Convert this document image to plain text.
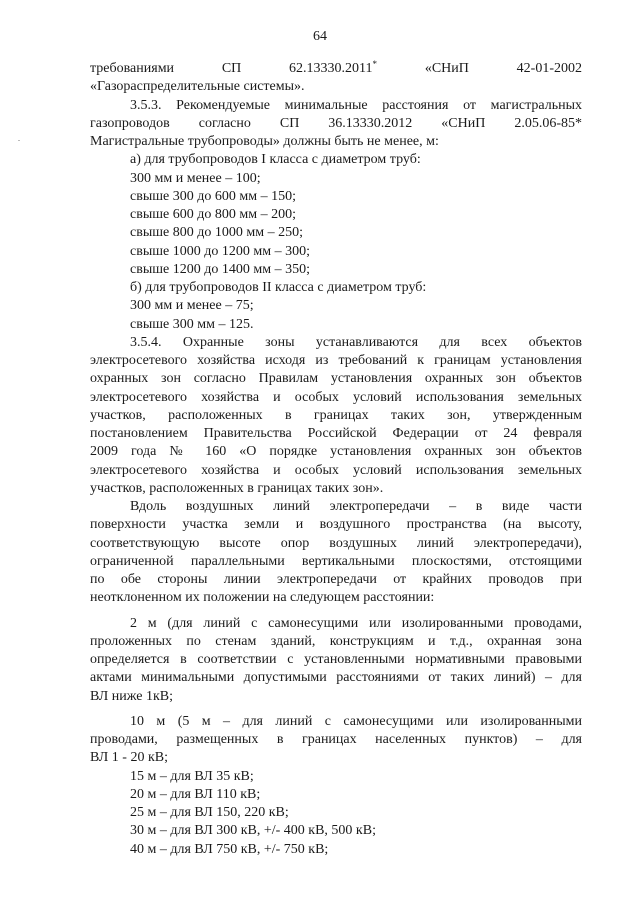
64

требованиями СП 62.13330.2011* «СНиП 42-01-2002

«Газораспределительные системы».

3.5.3. Рекомендуемые минимальные расстояния от магистральных

газопроводов согласно СП 36.13330.2012 «СНиП 2.05.06-85*

Магистральные трубопроводы» должны быть не менее, м:

а) для трубопроводов I класса с диаметром труб:

300 мм и менее – 100;

свыше 300 до 600 мм – 150;

свыше 600 до 800 мм – 200;

свыше 800 до 1000 мм – 250;

свыше 1000 до 1200 мм – 300;

свыше 1200 до 1400 мм – 350;

б) для трубопроводов II класса с диаметром труб:

300 мм и менее – 75;

свыше 300 мм – 125.

3.5.4. Охранные зоны устанавливаются для всех объектов

электросетевого хозяйства исходя из требований к границам установления

охранных зон согласно Правилам установления охранных зон объектов

электросетевого хозяйства и особых условий использования земельных

участков, расположенных в границах таких зон, утвержденным

постановлением Правительства Российской Федерации от 24 февраля

2009 года № 160 «О порядке установления охранных зон объектов

электросетевого хозяйства и особых условий использования земельных

участков, расположенных в границах таких зон».

Вдоль воздушных линий электропередачи – в виде части

поверхности участка земли и воздушного пространства (на высоту,

соответствующую высоте опор воздушных линий электропередачи),

ограниченной параллельными вертикальными плоскостями, отстоящими

по обе стороны линии электропередачи от крайних проводов при

неотклоненном их положении на следующем расстоянии:

2 м (для линий с самонесущими или изолированными проводами,

проложенных по стенам зданий, конструкциям и т.д., охранная зона

определяется в соответствии с установленными нормативными правовыми

актами минимальными допустимыми расстояниями от таких линий) – для

ВЛ ниже 1кВ;

10 м (5 м – для линий с самонесущими или изолированными

проводами, размещенных в границах населенных пунктов) – для

ВЛ 1 - 20 кВ;

15 м – для ВЛ 35 кВ;

20 м – для ВЛ 110 кВ;

25 м – для ВЛ 150, 220 кВ;

30 м – для ВЛ 300 кВ, +/- 400 кВ, 500 кВ;

40 м – для ВЛ 750 кВ, +/- 750 кВ;
